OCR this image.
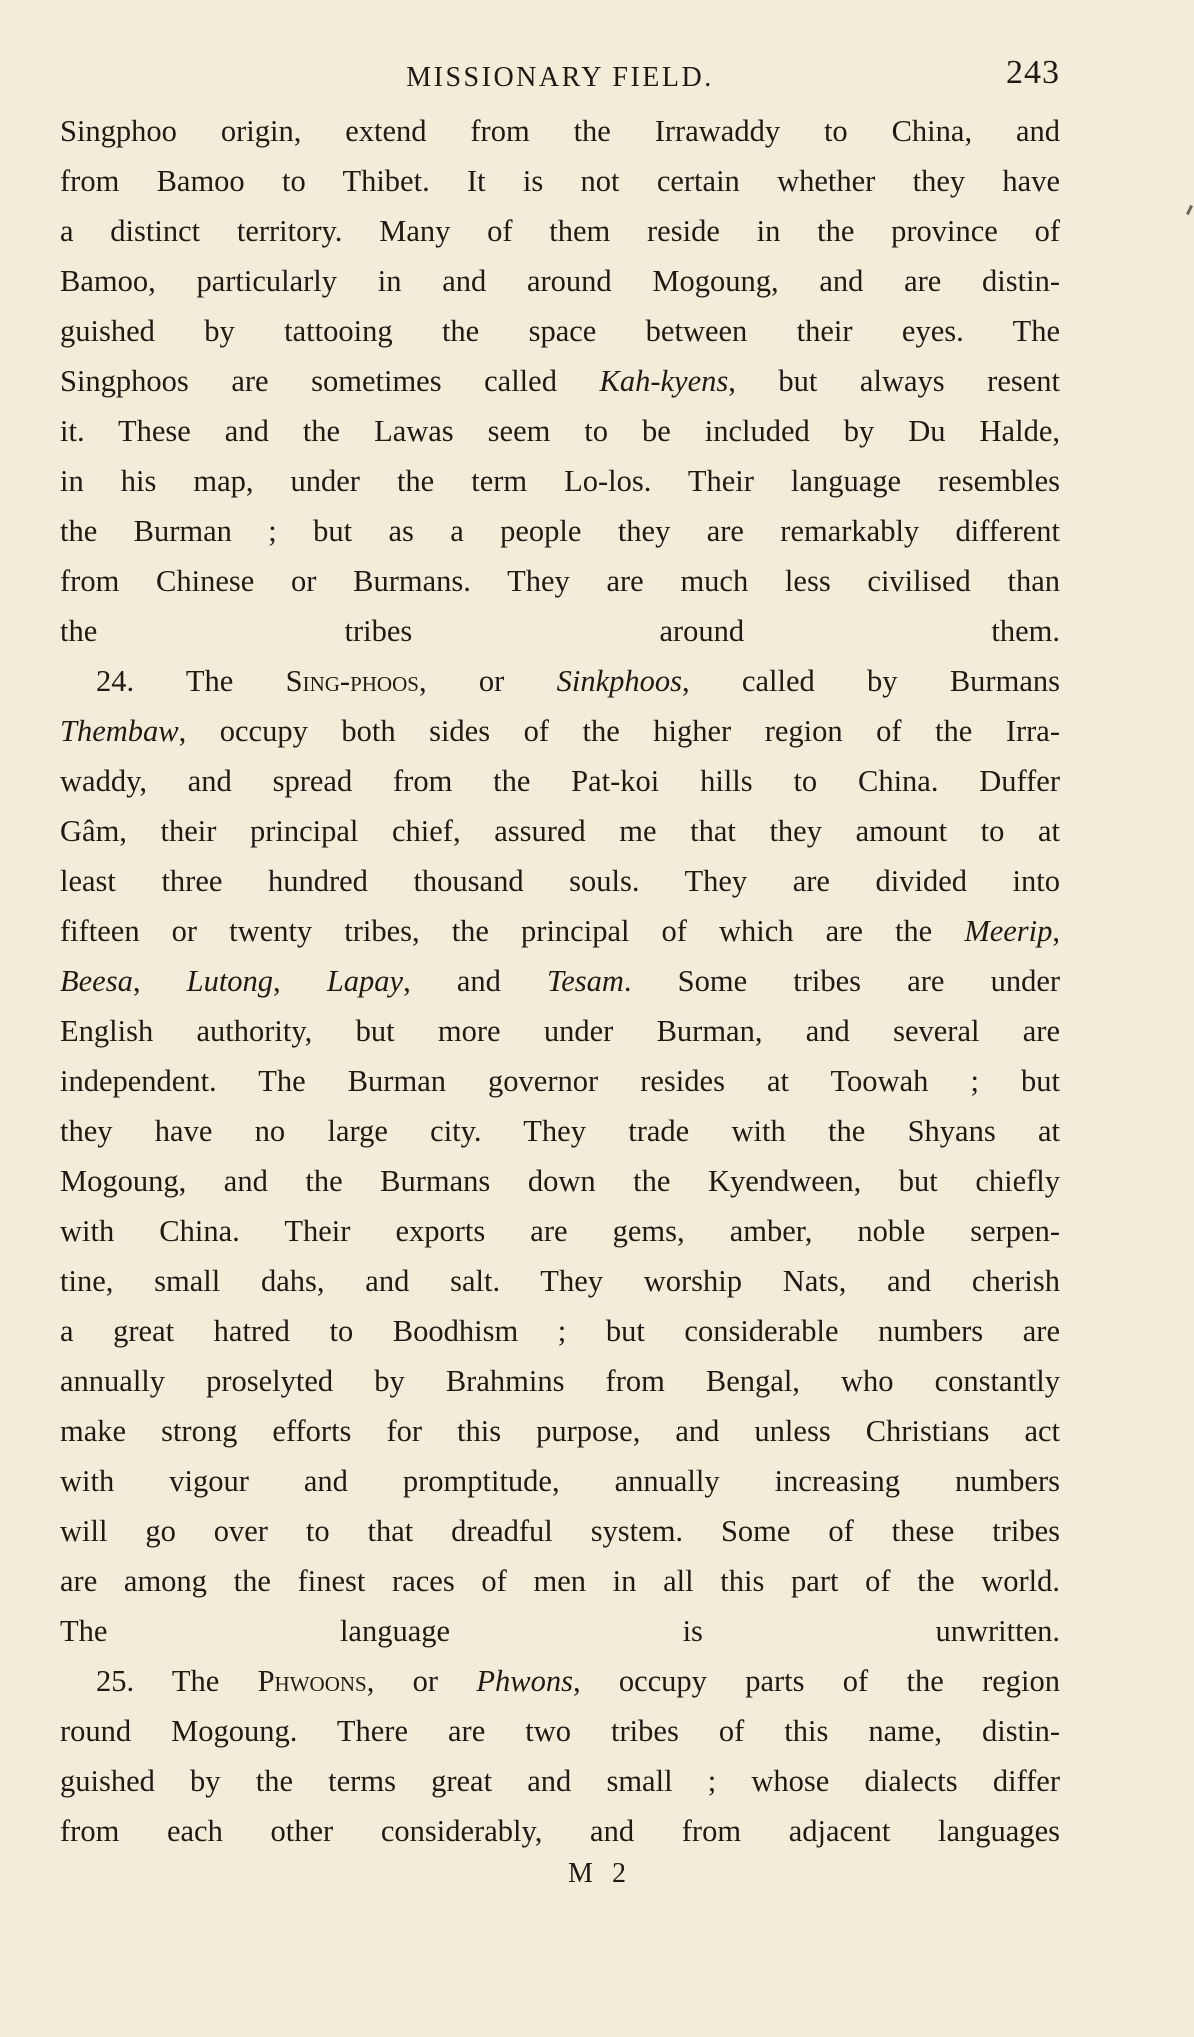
MISSIONARY FIELD.	243
Singphoo origin, extend from the Irrawaddy to China, and
from Bamoo to Thibet. It is not certain whether they have
a distinct territory. Many of them reside in the province of
Bamoo, particularly in and around Mogoung, and are distin-
guished by tattooing the space between their eyes. The
Singphoos are sometimes called Kah-kyens, but always resent
it. These and the Lawas seem to be included by Du Halde,
in his map, under the term Lo-los. Their language resembles
the Burman ; but as a people they are remarkably different
from Chinese or Burmans. They are much less civilised than
the tribes around them.
24. The Sing-phoos, or Sinkphoos, called by Burmans
Thembaw, occupy both sides of the higher region of the Irra-
waddy, and spread from the Pat-koi hills to China. Duffer
Gâm, their principal chief, assured me that they amount to at
least three hundred thousand souls. They are divided into
fifteen or twenty tribes, the principal of which are the Meerip,
Beesa, Lutong, Lapay, and Tesam. Some tribes are under
English authority, but more under Burman, and several are
independent. The Burman governor resides at Toowah ; but
they have no large city. They trade with the Shyans at
Mogoung, and the Burmans down the Kyendween, but chiefly
with China. Their exports are gems, amber, noble serpen-
tine, small dahs, and salt. They worship Nats, and cherish
a great hatred to Boodhism ; but considerable numbers are
annually proselyted by Brahmins from Bengal, who constantly
make strong efforts for this purpose, and unless Christians act
with vigour and promptitude, annually increasing numbers
will go over to that dreadful system. Some of these tribes
are among the finest races of men in all this part of the world.
The language is unwritten.
25. The Phwoons, or Phwons, occupy parts of the region
round Mogoung. There are two tribes of this name, distin-
guished by the terms great and small ; whose dialects differ
from each other considerably, and from adjacent languages
M 2
